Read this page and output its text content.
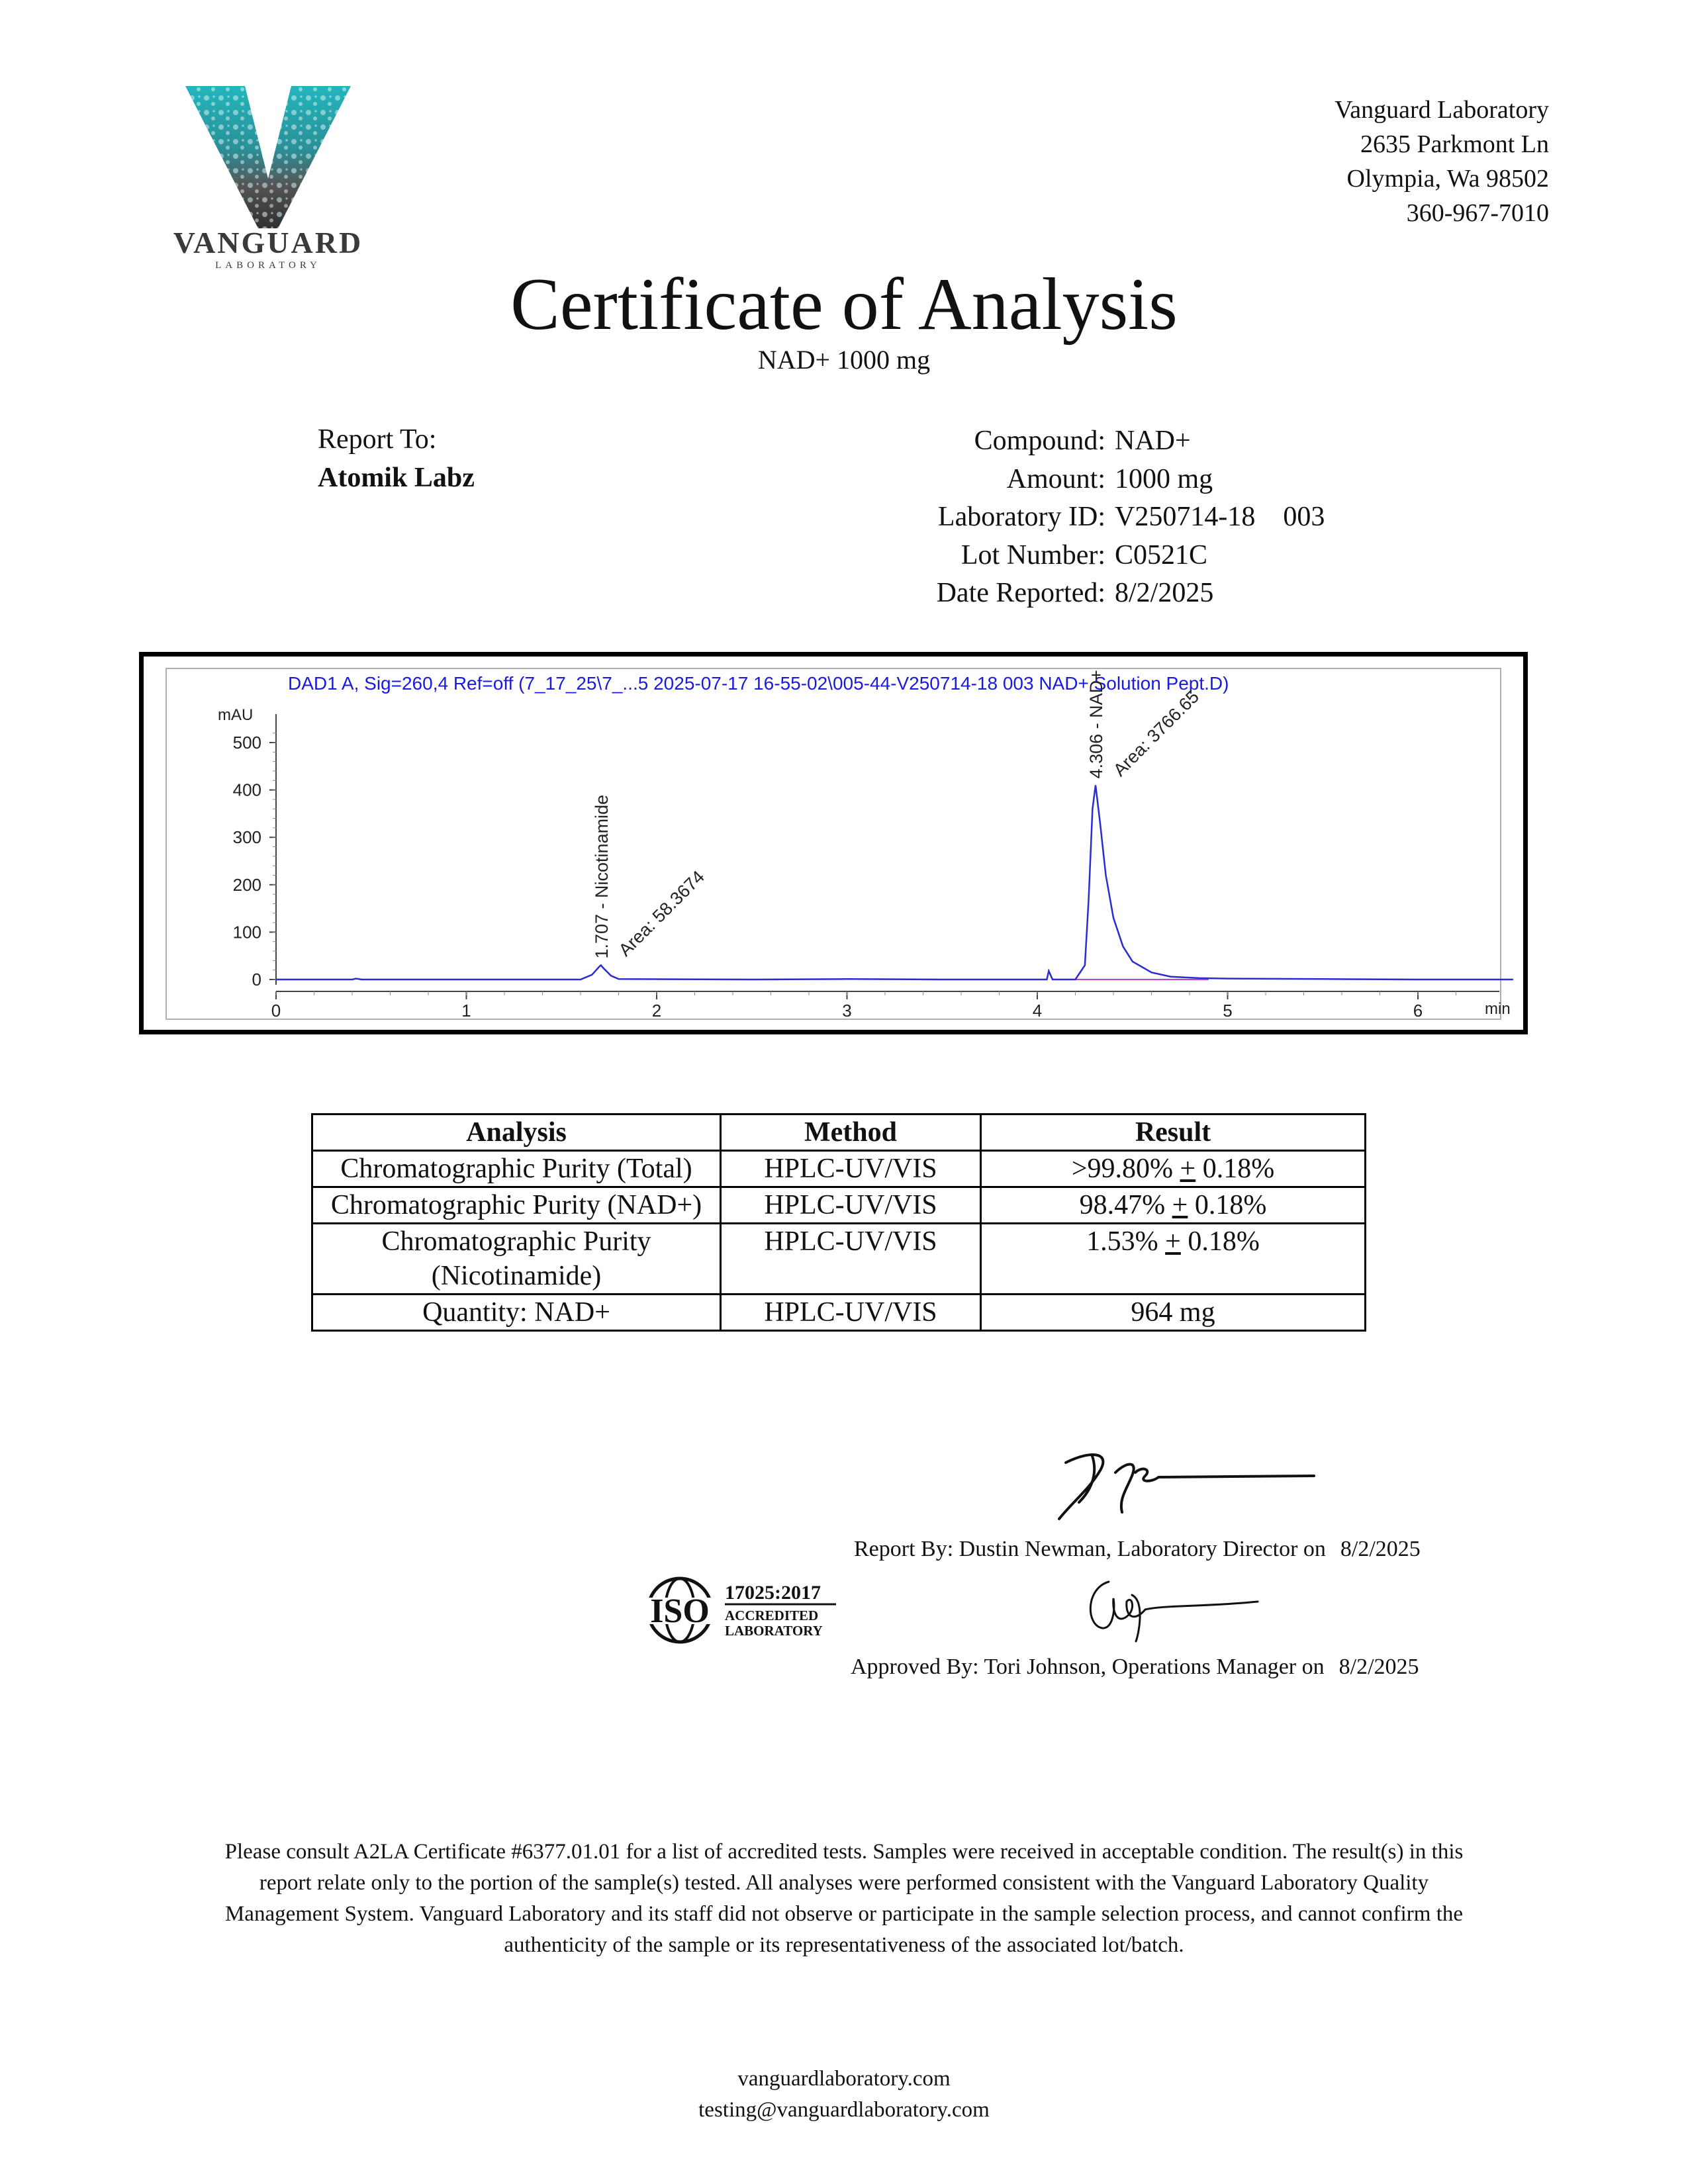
VANGUARD
LABORATORY
Vanguard Laboratory
2635 Parkmont Ln
Olympia, Wa 98502
360-967-7010
Certificate of Analysis
NAD+ 1000 mg
Report To:
Atomik Labz
Compound: NAD+
Amount: 1000 mg
Laboratory ID: V250714-18    003
Lot Number: C0521C
Date Reported: 8/2/2025
DAD1 A, Sig=260,4 Ref=off (7_17_25\7_...5 2025-07-17 16-55-02\005-44-V250714-18 003 NAD+ Solution Pept.D)
mAU
min
0
100
200
300
400
500
0	1	2	3	4	5	6
1.707 - Nicotinamide Area: 58.3674
4.306 - NAD+ Area: 3766.65
Analysis	Method	Result
Chromatographic Purity (Total)	HPLC-UV/VIS	>99.80% + 0.18%
Chromatographic Purity (NAD+)	HPLC-UV/VIS	98.47% + 0.18%
Chromatographic Purity
(Nicotinamide)	HPLC-UV/VIS	1.53% + 0.18%
Quantity: NAD+	HPLC-UV/VIS	964 mg
Report By: Dustin Newman, Laboratory Director on 8/2/2025
Approved By: Tori Johnson, Operations Manager on 8/2/2025
ISO 17025:2017
ACCREDITED
LABORATORY
Please consult A2LA Certificate #6377.01.01 for a list of accredited tests. Samples were received in acceptable condition. The result(s) in this
report relate only to the portion of the sample(s) tested. All analyses were performed consistent with the Vanguard Laboratory Quality
Management System. Vanguard Laboratory and its staff did not observe or participate in the sample selection process, and cannot confirm the
authenticity of the sample or its representativeness of the associated lot/batch.
vanguardlaboratory.com
testing@vanguardlaboratory.com
